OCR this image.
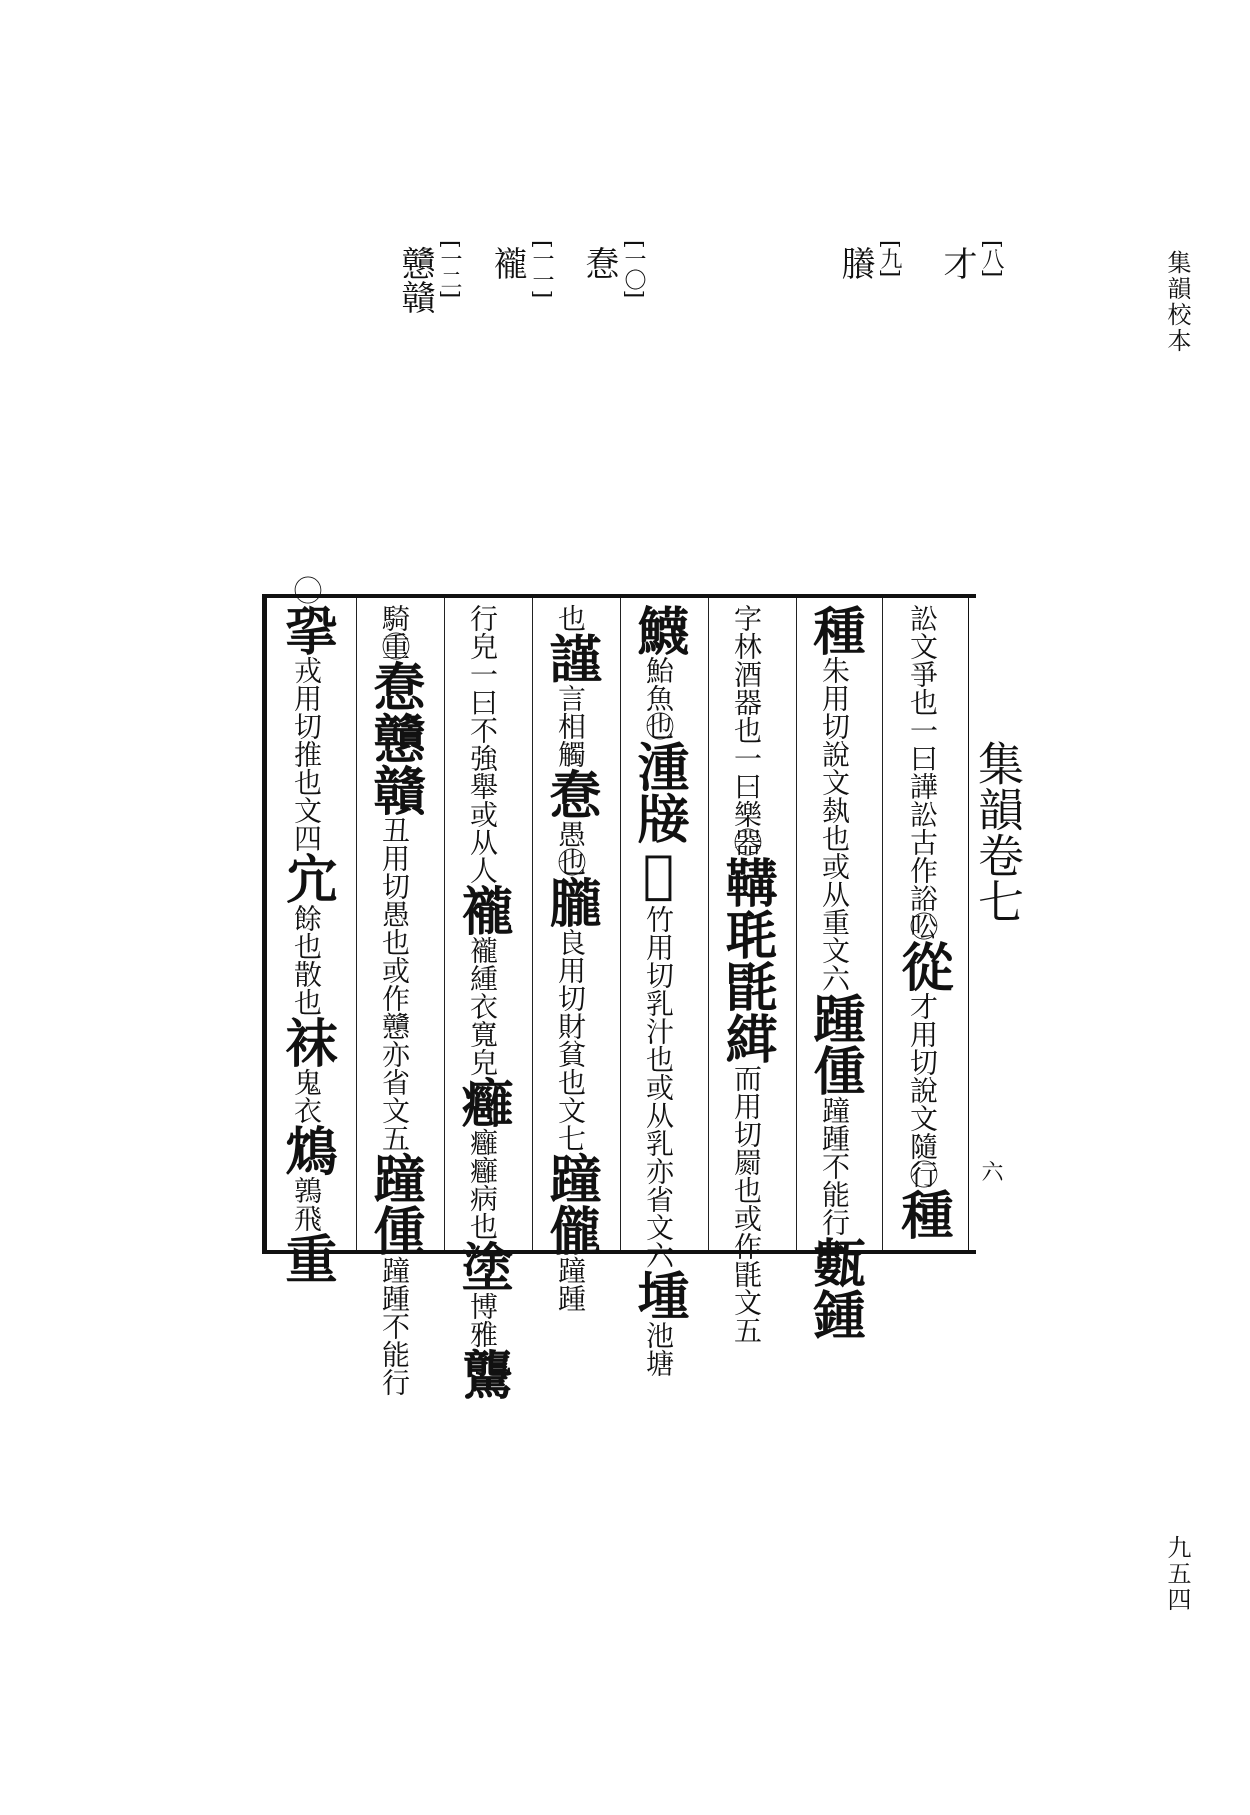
集韻校本
九五四
[八]
才
[九]
䑆
[一〇]
惷
[一一]
襱
[一二]
戇贛
集韻卷七
六
訟文爭也一曰譁訟古作䛦㕬從才用切說文隨行種
種朱用切說文埶也或从重文六踵偅蹱踵不能行甊鍾
字林酒器也一曰樂器鞲毦毷縙而用切罽也或作毷文五
鱴鮐魚也湩𤗈𨌌竹用切乳汁也或从乳亦省文六堹池塘
也謹言相觸惷愚也朧良用切財貧也文七蹱儱蹱踵
行皃一曰不強舉或从人襱襱緟衣寬皃癰癰癰病也塗博雅驡
騎重惷戇贛丑用切愚也或作戇亦省文五蹱偅蹱踵不能行
㧬戎用切推也文四宂餘也散也袜鬼衣鴆鶉飛重
